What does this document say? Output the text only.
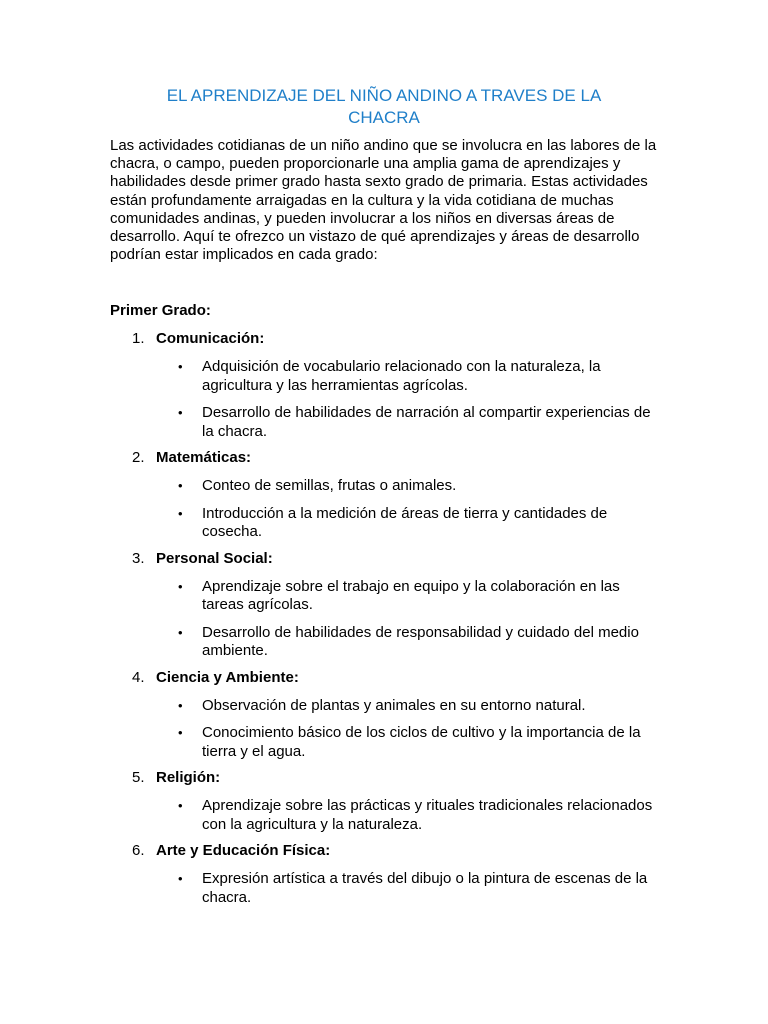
EL APRENDIZAJE DEL NIÑO ANDINO A TRAVES DE LA CHACRA

Las actividades cotidianas de un niño andino que se involucra en las labores de la chacra, o campo, pueden proporcionarle una amplia gama de aprendizajes y habilidades desde primer grado hasta sexto grado de primaria. Estas actividades están profundamente arraigadas en la cultura y la vida cotidiana de muchas comunidades andinas, y pueden involucrar a los niños en diversas áreas de desarrollo. Aquí te ofrezco un vistazo de qué aprendizajes y áreas de desarrollo podrían estar implicados en cada grado:

Primer Grado:
1. Comunicación:
• Adquisición de vocabulario relacionado con la naturaleza, la agricultura y las herramientas agrícolas.
• Desarrollo de habilidades de narración al compartir experiencias de la chacra.
2. Matemáticas:
• Conteo de semillas, frutas o animales.
• Introducción a la medición de áreas de tierra y cantidades de cosecha.
3. Personal Social:
• Aprendizaje sobre el trabajo en equipo y la colaboración en las tareas agrícolas.
• Desarrollo de habilidades de responsabilidad y cuidado del medio ambiente.
4. Ciencia y Ambiente:
• Observación de plantas y animales en su entorno natural.
• Conocimiento básico de los ciclos de cultivo y la importancia de la tierra y el agua.
5. Religión:
• Aprendizaje sobre las prácticas y rituales tradicionales relacionados con la agricultura y la naturaleza.
6. Arte y Educación Física:
• Expresión artística a través del dibujo o la pintura de escenas de la chacra.
